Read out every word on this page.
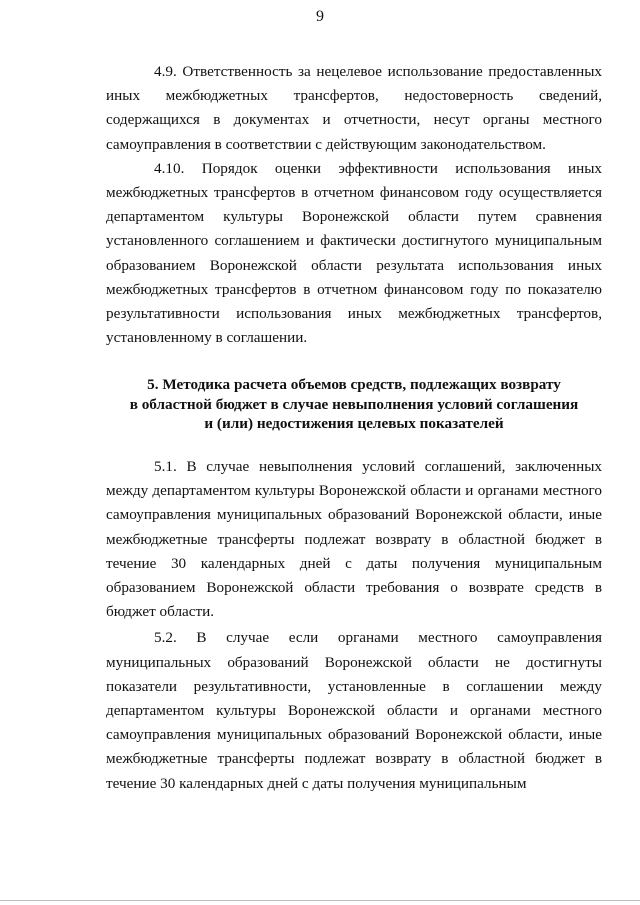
9

4.9. Ответственность за нецелевое использование предоставленных иных межбюджетных трансфертов, недостоверность сведений, содержащихся в документах и отчетности, несут органы местного самоуправления в соответствии с действующим законодательством.

4.10. Порядок оценки эффективности использования иных межбюджетных трансфертов в отчетном финансовом году осуществляется департаментом культуры Воронежской области путем сравнения установленного соглашением и фактически достигнутого муниципальным образованием Воронежской области результата использования иных межбюджетных трансфертов в отчетном финансовом году по показателю результативности использования иных межбюджетных трансфертов, установленному в соглашении.

5. Методика расчета объемов средств, подлежащих возврату
в областной бюджет в случае невыполнения условий соглашения
и (или) недостижения целевых показателей

5.1. В случае невыполнения условий соглашений, заключенных между департаментом культуры Воронежской области и органами местного самоуправления муниципальных образований Воронежской области, иные межбюджетные трансферты подлежат возврату в областной бюджет в течение 30 календарных дней с даты получения муниципальным образованием Воронежской области требования о возврате средств в бюджет области.

5.2. В случае если органами местного самоуправления муниципальных образований Воронежской области не достигнуты показатели результативности, установленные в соглашении между департаментом культуры Воронежской области и органами местного самоуправления муниципальных образований Воронежской области, иные межбюджетные трансферты подлежат возврату в областной бюджет в течение 30 календарных дней с даты получения муниципальным
